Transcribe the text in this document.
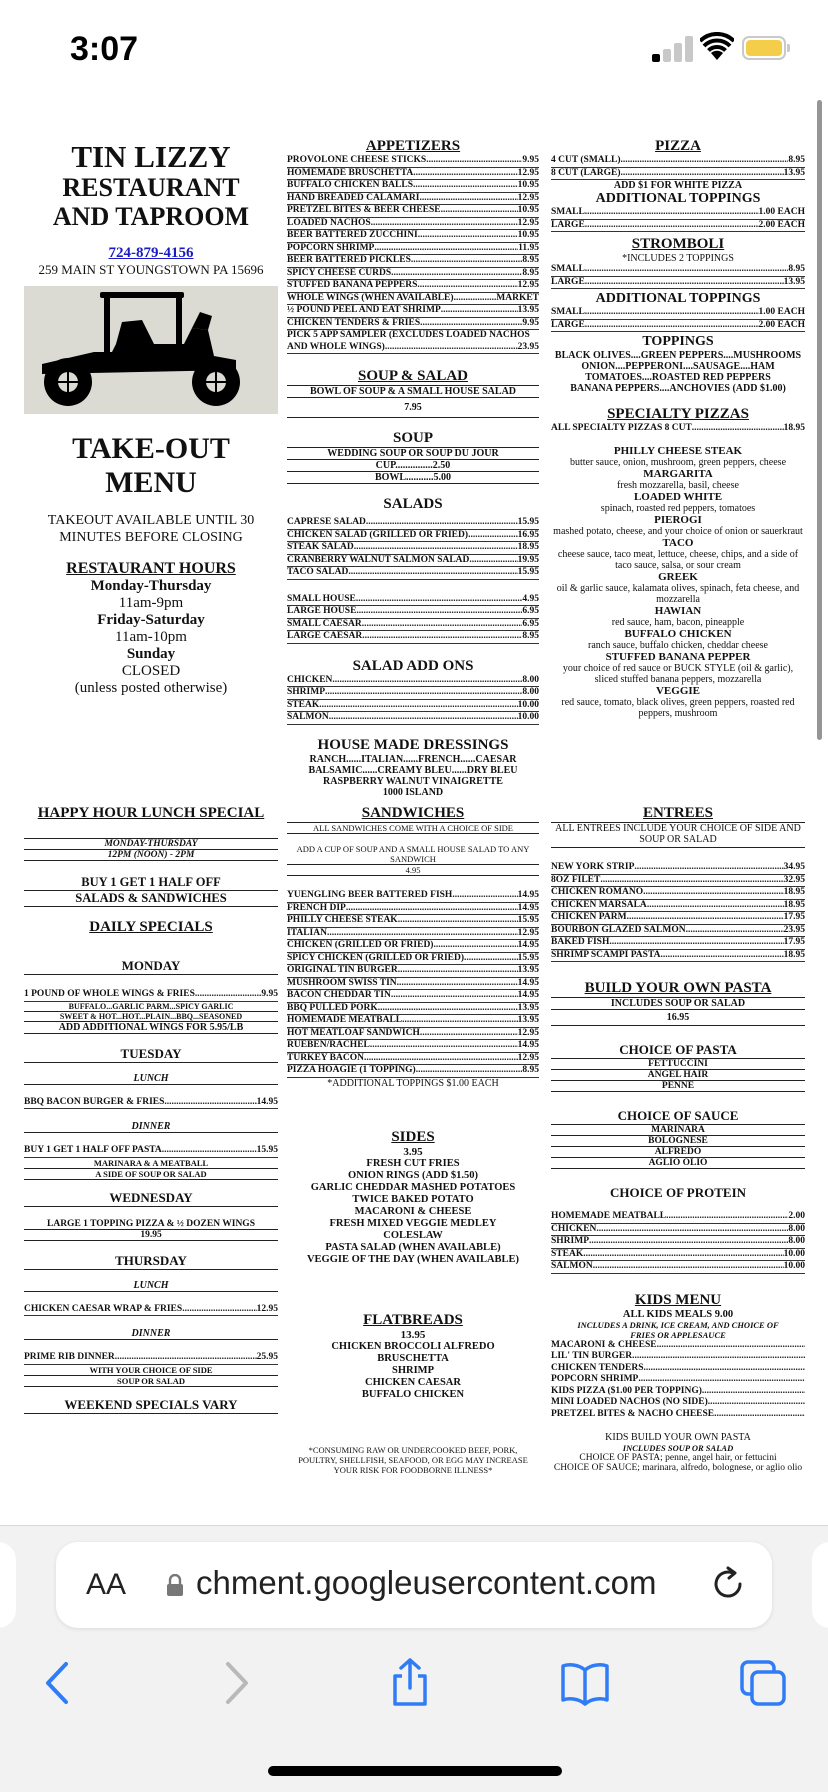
3:07
TIN LIZZY
RESTAURANT
AND TAPROOM
724-879-4156
259 MAIN ST YOUNGSTOWN PA 15696
TAKE-OUT
MENU
TAKEOUT AVAILABLE UNTIL 30 MINUTES BEFORE CLOSING
RESTAURANT HOURS
Monday-Thursday
11am-9pm
Friday-Saturday
11am-10pm
Sunday
CLOSED
(unless posted otherwise)
APPETIZERS
PROVOLONE CHEESE STICKS .....	9.95
HOMEMADE BRUSCHETTA .....	12.95
BUFFALO CHICKEN BALLS .....	10.95
HAND BREADED CALAMARI .....	12.95
PRETZEL BITES & BEER CHEESE .....	10.95
LOADED NACHOS .....	12.95
BEER BATTERED ZUCCHINI .....	10.95
POPCORN SHRIMP .....	11.95
BEER BATTERED PICKLES .....	8.95
SPICY CHEESE CURDS .....	8.95
STUFFED BANANA PEPPERS .....	12.95
WHOLE WINGS (WHEN AVAILABLE) .....	MARKET
½ POUND PEEL AND EAT SHRIMP .....	13.95
CHICKEN TENDERS & FRIES .....	9.95
PICK 5 APP SAMPLER (EXCLUDES LOADED NACHOS
AND WHOLE WINGS) .....	23.95
SOUP & SALAD
BOWL OF SOUP & A SMALL HOUSE SALAD
7.95
SOUP
WEDDING SOUP OR SOUP DU JOUR
CUP...............2.50
BOWL...........5.00
SALADS
CAPRESE SALAD .....	15.95
CHICKEN SALAD (GRILLED OR FRIED) .....	16.95
STEAK SALAD .....	18.95
CRANBERRY WALNUT SALMON SALAD .....	19.95
TACO SALAD .....	15.95
SMALL HOUSE .....	4.95
LARGE HOUSE .....	6.95
SMALL CAESAR .....	6.95
LARGE CAESAR .....	8.95
SALAD ADD ONS
CHICKEN .....	8.00
SHRIMP .....	8.00
STEAK .....	10.00
SALMON .....	10.00
HOUSE MADE DRESSINGS
RANCH......ITALIAN......FRENCH......CAESAR
BALSAMIC......CREAMY BLEU......DRY BLEU
RASPBERRY WALNUT VINAIGRETTE
1000 ISLAND
PIZZA
4 CUT (SMALL) .....	8.95
8 CUT (LARGE) .....	13.95
ADD $1 FOR WHITE PIZZA
ADDITIONAL TOPPINGS
SMALL .....	1.00 EACH
LARGE .....	2.00 EACH
STROMBOLI
*INCLUDES 2 TOPPINGS
SMALL .....	8.95
LARGE .....	13.95
ADDITIONAL TOPPINGS
SMALL .....	1.00 EACH
LARGE .....	2.00 EACH
TOPPINGS
BLACK OLIVES....GREEN PEPPERS....MUSHROOMS
ONION....PEPPERONI....SAUSAGE....HAM
TOMATOES....ROASTED RED PEPPERS
BANANA PEPPERS....ANCHOVIES (ADD $1.00)
SPECIALTY PIZZAS
ALL SPECIALTY PIZZAS 8 CUT .....	18.95
PHILLY CHEESE STEAK
butter sauce, onion, mushroom, green peppers, cheese
MARGARITA
fresh mozzarella, basil, cheese
LOADED WHITE
spinach, roasted red peppers, tomatoes
PIEROGI
mashed potato, cheese, and your choice of onion or sauerkraut
TACO
cheese sauce, taco meat, lettuce, cheese, chips, and a side of taco sauce, salsa, or sour cream
GREEK
oil & garlic sauce, kalamata olives, spinach, feta cheese, and mozzarella
HAWIAN
red sauce, ham, bacon, pineapple
BUFFALO CHICKEN
ranch sauce, buffalo chicken, cheddar cheese
STUFFED BANANA PEPPER
your choice of red sauce or BUCK STYLE (oil & garlic), sliced stuffed banana peppers, mozzarella
VEGGIE
red sauce, tomato, black olives, green peppers, roasted red peppers, mushroom
HAPPY HOUR LUNCH SPECIAL
MONDAY-THURSDAY
12PM (NOON) - 2PM
BUY 1 GET 1 HALF OFF
SALADS & SANDWICHES
DAILY SPECIALS
MONDAY
1 POUND OF WHOLE WINGS & FRIES .....	9.95
BUFFALO...GARLIC PARM...SPICY GARLIC
SWEET & HOT...HOT...PLAIN...BBQ...SEASONED
ADD ADDITIONAL WINGS FOR 5.95/LB
TUESDAY
LUNCH
BBQ BACON BURGER & FRIES .....	14.95
DINNER
BUY 1 GET 1 HALF OFF PASTA .....	15.95
MARINARA & A MEATBALL
A SIDE OF SOUP OR SALAD
WEDNESDAY
LARGE 1 TOPPING PIZZA & ½ DOZEN WINGS
19.95
THURSDAY
LUNCH
CHICKEN CAESAR WRAP & FRIES .....	12.95
DINNER
PRIME RIB DINNER .....	25.95
WITH YOUR CHOICE OF SIDE
SOUP OR SALAD
WEEKEND SPECIALS VARY
SANDWICHES
ALL SANDWICHES COME WITH A CHOICE OF SIDE
ADD A CUP OF SOUP AND A SMALL HOUSE SALAD TO ANY SANDWICH
4.95
YUENGLING BEER BATTERED FISH .....	14.95
FRENCH DIP .....	14.95
PHILLY CHEESE STEAK .....	15.95
ITALIAN .....	12.95
CHICKEN (GRILLED OR FRIED) .....	14.95
SPICY CHICKEN (GRILLED OR FRIED) .....	15.95
ORIGINAL TIN BURGER .....	13.95
MUSHROOM SWISS TIN .....	14.95
BACON CHEDDAR TIN .....	14.95
BBQ PULLED PORK .....	13.95
HOMEMADE MEATBALL .....	13.95
HOT MEATLOAF SANDWICH .....	12.95
RUEBEN/RACHEL .....	14.95
TURKEY BACON .....	12.95
PIZZA HOAGIE (1 TOPPING) .....	8.95
*ADDITIONAL TOPPINGS $1.00 EACH
SIDES
3.95
FRESH CUT FRIES
ONION RINGS (ADD $1.50)
GARLIC CHEDDAR MASHED POTATOES
TWICE BAKED POTATO
MACARONI & CHEESE
FRESH MIXED VEGGIE MEDLEY
COLESLAW
PASTA SALAD (WHEN AVAILABLE)
VEGGIE OF THE DAY (WHEN AVAILABLE)
FLATBREADS
13.95
CHICKEN BROCCOLI ALFREDO
BRUSCHETTA
SHRIMP
CHICKEN CAESAR
BUFFALO CHICKEN
*CONSUMING RAW OR UNDERCOOKED BEEF, PORK, POULTRY, SHELLFISH, SEAFOOD, OR EGG MAY INCREASE YOUR RISK FOR FOODBORNE ILLNESS*
ENTREES
ALL ENTREES INCLUDE YOUR CHOICE OF SIDE AND SOUP OR SALAD
NEW YORK STRIP .....	34.95
8OZ FILET .....	32.95
CHICKEN ROMANO .....	18.95
CHICKEN MARSALA .....	18.95
CHICKEN PARM .....	17.95
BOURBON GLAZED SALMON .....	23.95
BAKED FISH .....	17.95
SHRIMP SCAMPI PASTA .....	18.95
BUILD YOUR OWN PASTA
INCLUDES SOUP OR SALAD
16.95
CHOICE OF PASTA
FETTUCCINI
ANGEL HAIR
PENNE
CHOICE OF SAUCE
MARINARA
BOLOGNESE
ALFREDO
AGLIO OLIO
CHOICE OF PROTEIN
HOMEMADE MEATBALL .....	2.00
CHICKEN .....	8.00
SHRIMP .....	8.00
STEAK .....	10.00
SALMON .....	10.00
KIDS MENU
ALL KIDS MEALS 9.00
INCLUDES A DRINK, ICE CREAM, AND CHOICE OF FRIES OR APPLESAUCE
MACARONI & CHEESE
.....
LIL' TIN BURGER
.....
CHICKEN TENDERS
.....
POPCORN SHRIMP
.....
KIDS PIZZA ($1.00 PER TOPPING)
.....
MINI LOADED NACHOS (NO SIDE)
.....
PRETZEL BITES & NACHO CHEESE
.....
KIDS BUILD YOUR OWN PASTA
INCLUDES SOUP OR SALAD
CHOICE OF PASTA; penne, angel hair, or fettucini
CHOICE OF SAUCE; marinara, alfredo, bolognese, or aglio olio
AA chment.googleusercontent.com
